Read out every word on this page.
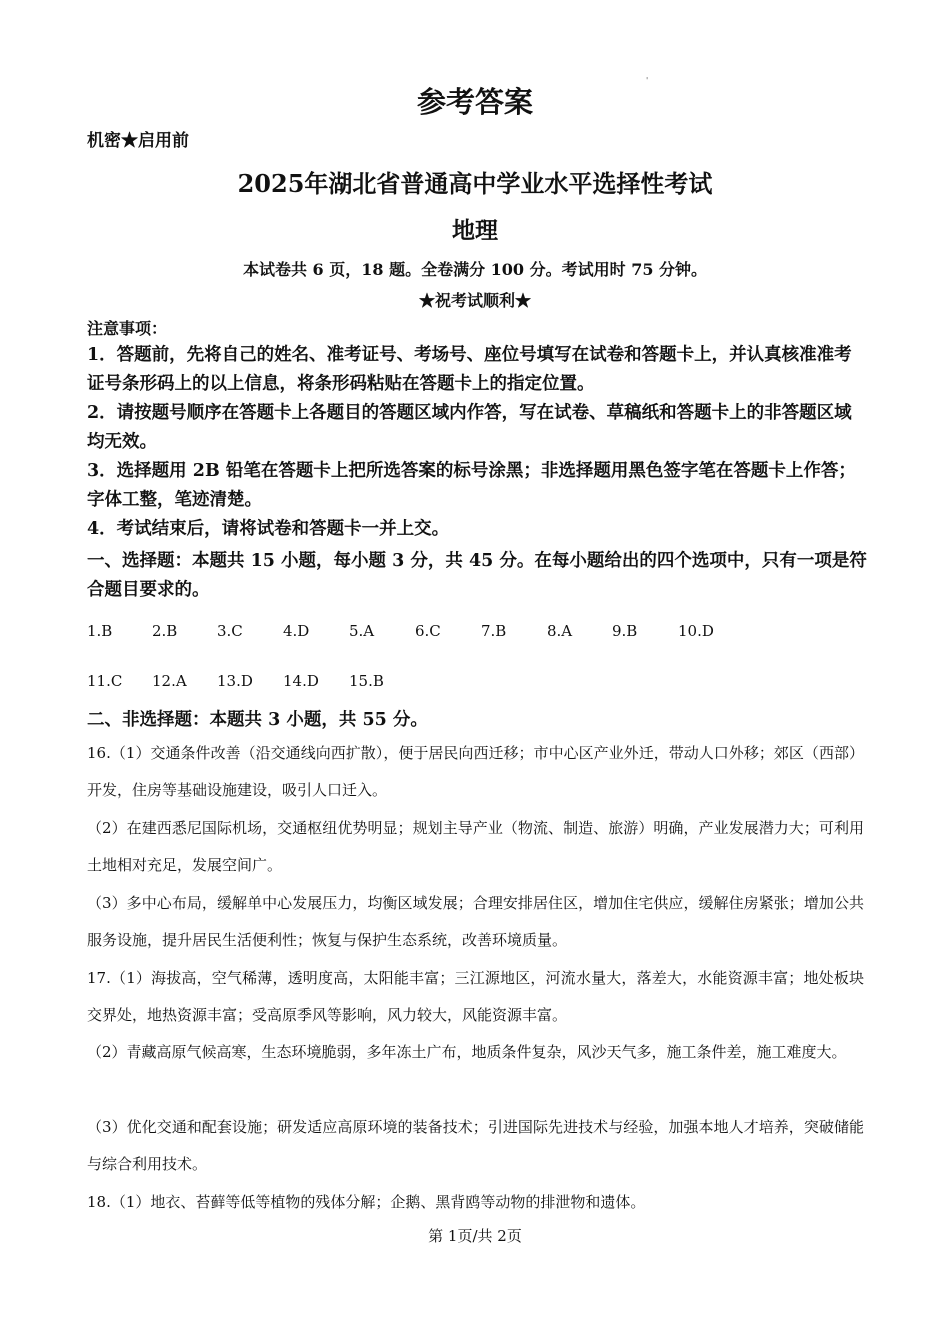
'
参考答案
机密★启用前
2025年湖北省普通高中学业水平选择性考试
地理
本试卷共 6 页，18 题。全卷满分 100 分。考试用时 75 分钟。
★祝考试顺利★
注意事项：
1．答题前，先将自己的姓名、准考证号、考场号、座位号填写在试卷和答题卡上，并认真核准准考证号条形码上的以上信息，将条形码粘贴在答题卡上的指定位置。
2．请按题号顺序在答题卡上各题目的答题区域内作答，写在试卷、草稿纸和答题卡上的非答题区域均无效。
3．选择题用 2B 铅笔在答题卡上把所选答案的标号涂黑；非选择题用黑色签字笔在答题卡上作答；字体工整，笔迹清楚。
4．考试结束后，请将试卷和答题卡一并上交。
一、选择题：本题共 15 小题，每小题 3 分，共 45 分。在每小题给出的四个选项中，只有一项是符合题目要求的。
1.B	2.B	3.C	4.D	5.A	6.C	7.B	8.A	9.B	10.D
11.C 12.A 13.D 14.D 15.B
二、非选择题：本题共 3 小题，共 55 分。
16.（1）交通条件改善（沿交通线向西扩散），便于居民向西迁移；市中心区产业外迁，带动人口外移；郊区（西部）开发，住房等基础设施建设，吸引人口迁入。
（2）在建西悉尼国际机场，交通枢纽优势明显；规划主导产业（物流、制造、旅游）明确，产业发展潜力大；可利用土地相对充足，发展空间广。
（3）多中心布局，缓解单中心发展压力，均衡区域发展；合理安排居住区，增加住宅供应，缓解住房紧张；增加公共服务设施，提升居民生活便利性；恢复与保护生态系统，改善环境质量。
17.（1）海拔高，空气稀薄，透明度高，太阳能丰富；三江源地区，河流水量大，落差大，水能资源丰富；地处板块交界处，地热资源丰富；受高原季风等影响，风力较大，风能资源丰富。
（2）青藏高原气候高寒，生态环境脆弱，多年冻土广布，地质条件复杂，风沙天气多，施工条件差，施工难度大。
（3）优化交通和配套设施；研发适应高原环境的装备技术；引进国际先进技术与经验，加强本地人才培养，突破储能与综合利用技术。
18.（1）地衣、苔藓等低等植物的残体分解；企鹅、黑背鸥等动物的排泄物和遗体。
第 1页/共 2页
